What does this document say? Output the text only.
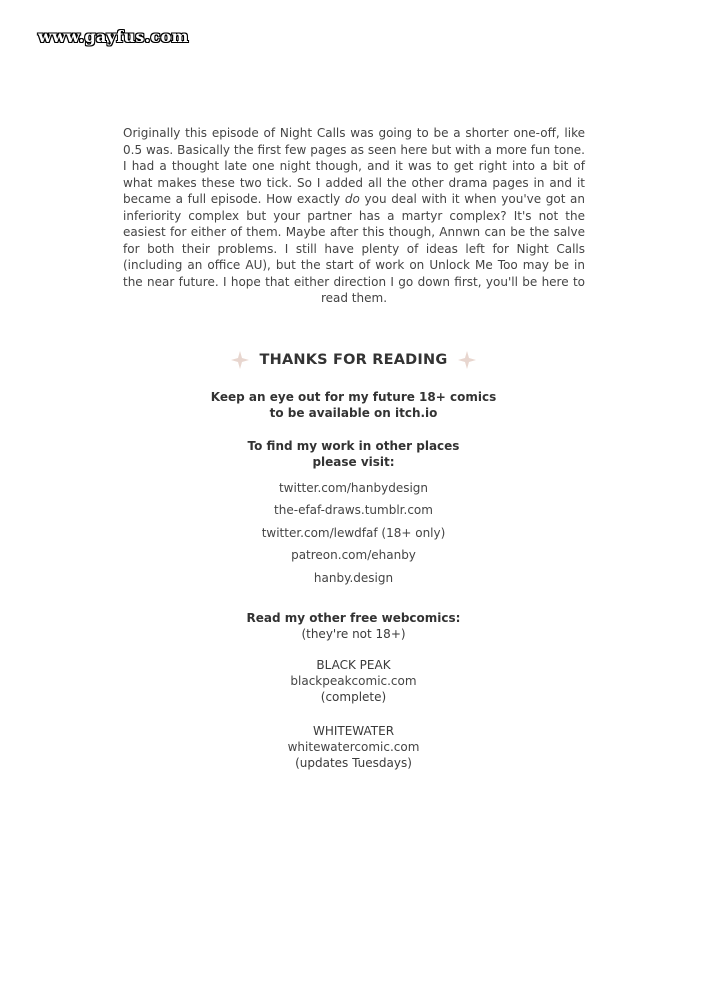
www.gayfus.com

Originally this episode of Night Calls was going to be a shorter one-off, like 0.5 was. Basically the first few pages as seen here but with a more fun tone. I had a thought late one night though, and it was to get right into a bit of what makes these two tick. So I added all the other drama pages in and it became a full episode. How exactly do you deal with it when you've got an inferiority complex but your partner has a martyr complex? It's not the easiest for either of them. Maybe after this though, Annwn can be the salve for both their problems. I still have plenty of ideas left for Night Calls (including an office AU), but the start of work on Unlock Me Too may be in the near future. I hope that either direction I go down first, you'll be here to read them.

THANKS FOR READING
Keep an eye out for my future 18+ comics
to be available on itch.io
To find my work in other places
please visit:
twitter.com/hanbydesign
the-efaf-draws.tumblr.com
twitter.com/lewdfaf (18+ only)
patreon.com/ehanby
hanby.design
Read my other free webcomics:
(they're not 18+)
BLACK PEAK
blackpeakcomic.com
(complete)
WHITEWATER
whitewatercomic.com
(updates Tuesdays)
